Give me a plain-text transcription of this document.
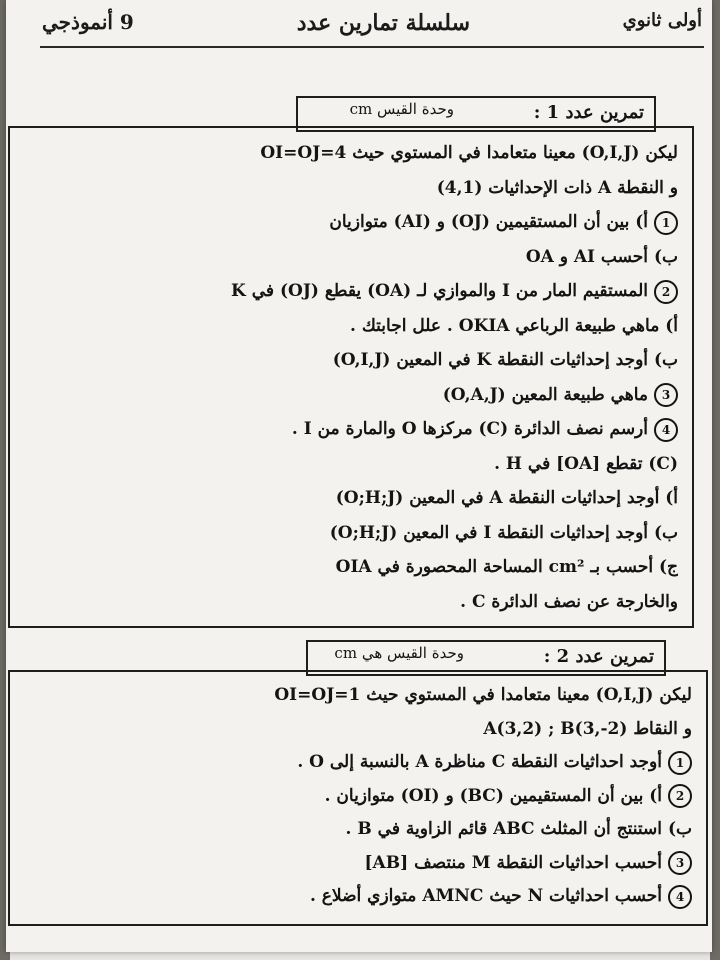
أولى ثانوي
سلسلة تمارين عدد
9 أنموذجي
تمرين عدد 1 :
وحدة القيس cm
ليكن (O,I,J) معينا متعامدا في المستوي حيث OI=OJ=4
و النقطة A ذات الإحداثيات (4,1)
1أ) بين أن المستقيمين (OJ) و (AI) متوازيان
ب) أحسب AI و OA
2المستقيم المار من I والموازي لـ (OA) يقطع (OJ) في K
أ) ماهي طبيعة الرباعي OKIA . علل اجابتك .
ب) أوجد إحداثيات النقطة K في المعين (O,I,J)
3ماهي طبيعة المعين (O,A,J)
4أرسم نصف الدائرة (C) مركزها O والمارة من I .
(C) تقطع [OA] في H .
أ) أوجد إحداثيات النقطة A في المعين (O;H;J)
ب) أوجد إحداثيات النقطة I في المعين (O;H;J)
ج) أحسب بـ cm² المساحة المحصورة في OIA
والخارجة عن نصف الدائرة C .
تمرين عدد 2 :
وحدة القيس هي cm
ليكن (O,I,J) معينا متعامدا في المستوي حيث OI=OJ=1
و النقاط A(3,2) ; B(3,-2)
1أوجد احداثيات النقطة C مناظرة A بالنسبة إلى O .
2أ) بين أن المستقيمين (BC) و (OI) متوازيان .
ب) استنتج أن المثلث ABC قائم الزاوية في B .
3أحسب احداثيات النقطة M منتصف [AB]
4أحسب احداثيات N حيث AMNC متوازي أضلاع .
